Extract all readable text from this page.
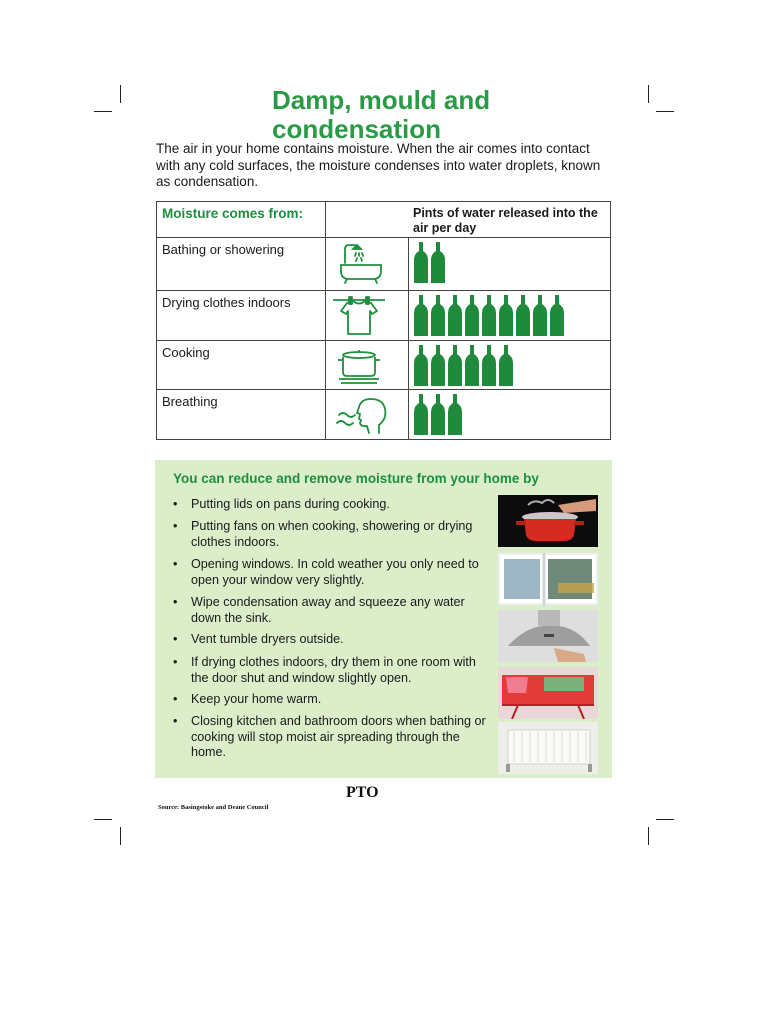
Damp, mould and
condensation
The air in your home contains moisture. When the air comes into contact with any cold surfaces, the moisture condenses into water droplets, known as condensation.
Moisture comes from:	Pints of water released into the air per day
Bathing or showering
Drying clothes indoors
Cooking
Breathing
You can reduce and remove moisture from your home by
•	Putting lids on pans during cooking.
•	Putting fans on when cooking, showering or drying clothes indoors.
•	Opening windows. In cold weather you only need to open your window very slightly.
•	Wipe condensation away and squeeze any water down the sink.
•	Vent tumble dryers outside.
•	If drying clothes indoors, dry them in one room with the door shut and window slightly open.
•	Keep your home warm.
•	Closing kitchen and bathroom doors when bathing or cooking will stop moist air spreading through the home.
PTO
Source: Basingstoke and Deane Council
